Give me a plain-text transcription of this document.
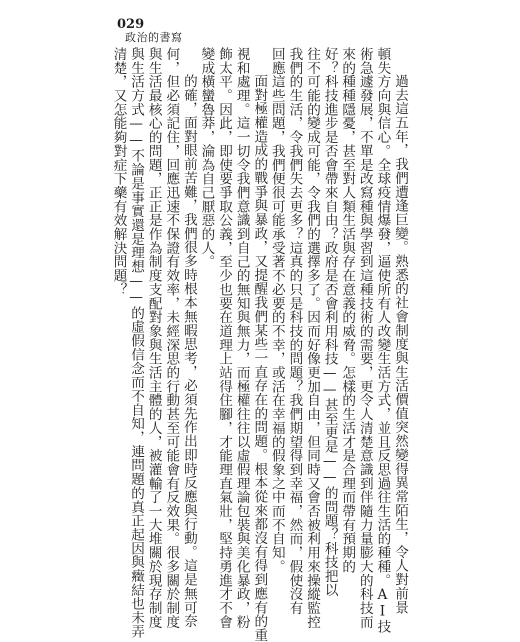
029
政治的書寫
過去這五年，我們遭逢巨變。熟悉的社會制度與生活價值突然變得異常陌生，令人對前景
頓失方向與信心。全球疫情爆發，逼使所有人改變生活方式，並且反思過往生活的種種。AI技
術急遽發展，不單是改寫種與學習到這種技術的需要，更令人清楚意識到伴隨力量膨大的科技而
來的種種隱憂，甚至對人類生活與存在意義的威脅。怎樣的生活才是合理而帶有預期的
好？科技進步是否會帶來自由？政府是否會利用科技——甚至更是——的問題？科技把以
往不可能的變成可能，令我們的選擇多了。因而好像更加自由，但同時又會否被利用來操縱監控
我們的生活，令我們失去更多？這真的只是科技的問題？我們期望得到幸福，然而，假使沒有
回應這些問題，我們便很可能承受著不必要的不幸，或活在幸福的假象之中而不自知。
面對極權造成的戰爭與暴政，又提醒我們某些一直存在的問題。根本從來都沒有得到應有的重
視和處理。這一切令我們意識到自己的無知與無力，而極權往往以虛假理論包裝與美化暴政，粉
飾太平。因此，即使要爭取公義，至少也要在道理上站得住腳，才能理直氣壯，堅持勇進才不會
變成橫蠻魯莽，淪為自己厭惡的人。
的確，面對眼前苦難，我們很多時根本無暇思考，必須先作出即時反應與行動。這是無可奈
何，但必須記住，回應迅速不保證有效率，未經深思的行動甚至可能會有反效果。很多關於制度
與生活最核心的問題，正正是作為制度支配對象與生活主體的人，被灌輸了一大堆關於現存制度
與生活方式——不論是事實還是理想——的虛假信念而不自知，連問題的真正起因與癥結也未弄
清楚，又怎能夠對症下藥有效解決問題？
